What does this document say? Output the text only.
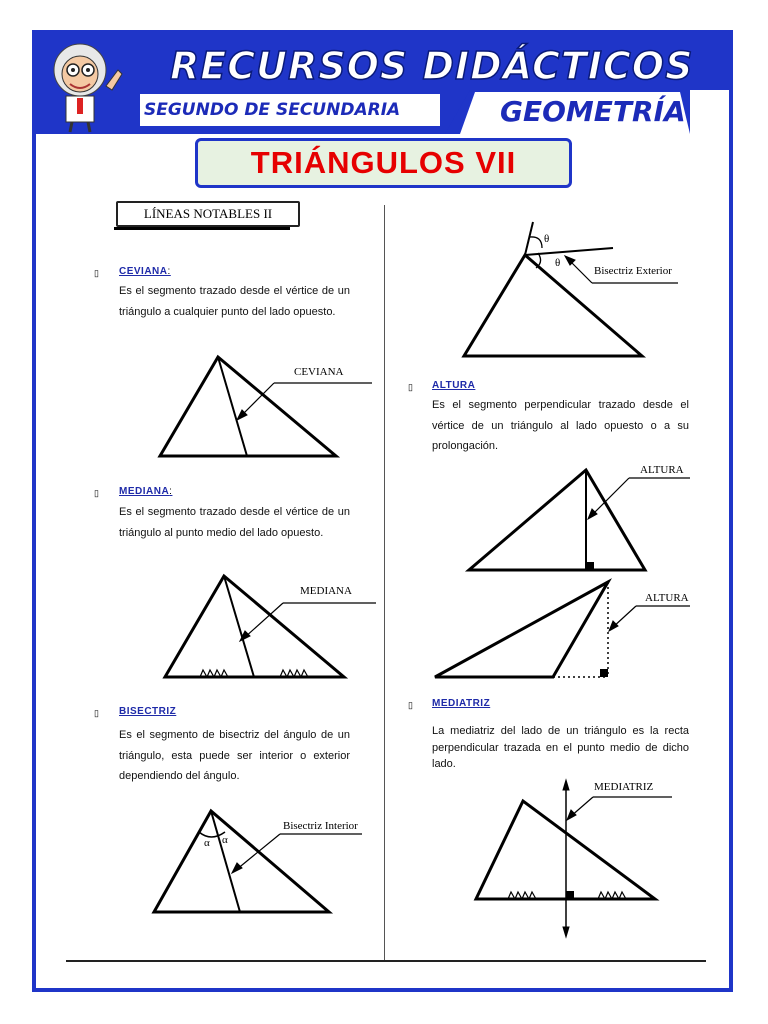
RECURSOS DIDÁCTICOS
SEGUNDO DE SECUNDARIA	GEOMETRÍA
TRIÁNGULOS VII
LÍNEAS NOTABLES II
▯ CEVIANA:
Es el segmento trazado desde el vértice de un triángulo a cualquier punto del lado opuesto.
▯ MEDIANA:
Es el segmento trazado desde el vértice de un triángulo al punto medio del lado opuesto.
▯ BISECTRIZ
Es el segmento de bisectriz del ángulo de un triángulo, esta puede ser interior o exterior dependiendo del ángulo.
▯ ALTURA
Es el segmento perpendicular trazado desde el vértice de un triángulo al lado opuesto o a su prolongación.
▯ MEDIATRIZ
La mediatriz del lado de un triángulo es la recta perpendicular trazada en el punto medio de dicho lado.
CEVIANA
MEDIANA
α α
Bisectriz Interior
θ
θ
Bisectriz Exterior
ALTURA
ALTURA
MEDIATRIZ
